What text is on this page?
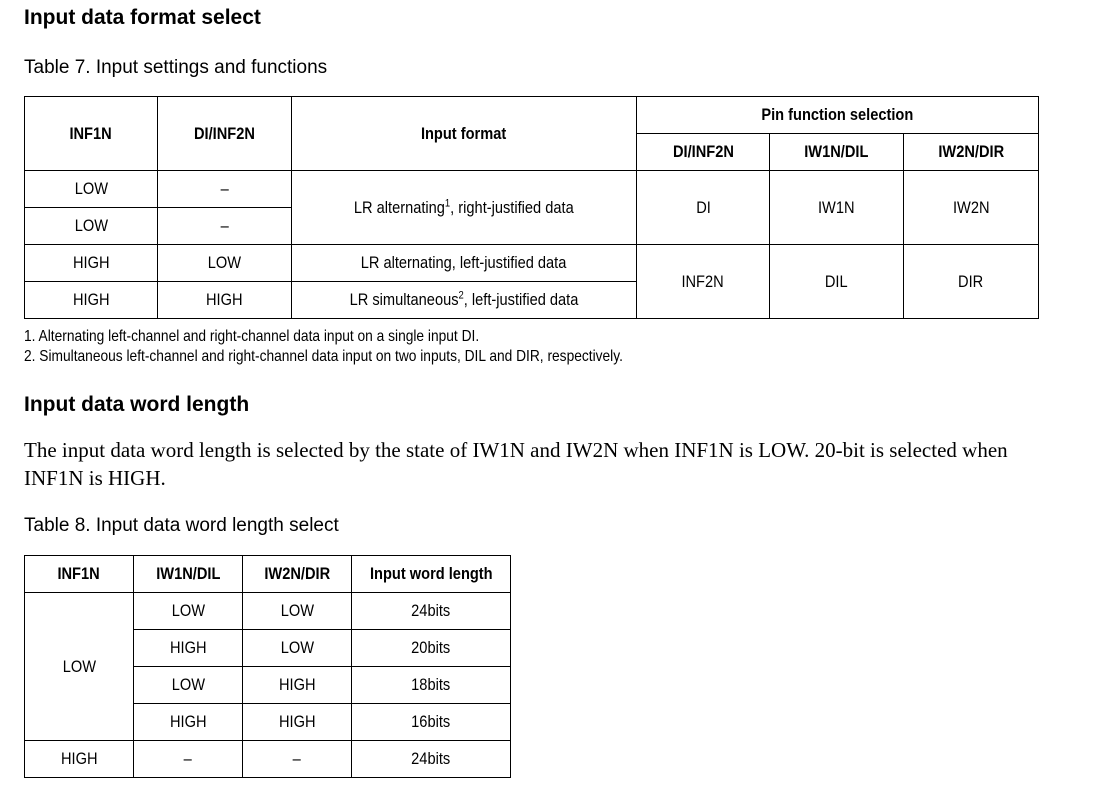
Input data format select
Table 7. Input settings and functions
INF1N	DI/INF2N	Input format	Pin function selection		
			DI/INF2N	IW1N/DIL	IW2N/DIR
LOW	–	LR alternating$^1$, right-justified data	DI	IW1N	IW2N
LOW	–				
HIGH	LOW	LR alternating, left-justified data	INF2N	DIL	DIR
HIGH	HIGH	LR simultaneous$^2$, left-justified data			
1. Alternating left-channel and right-channel data input on a single input DI.
2. Simultaneous left-channel and right-channel data input on two inputs, DIL and DIR, respectively.
Input data word length
The input data word length is selected by the state of IW1N and IW2N when INF1N is LOW. 20-bit is selected when INF1N is HIGH.
Table 8. Input data word length select
INF1N	IW1N/DIL	IW2N/DIR	Input word length
LOW	LOW	LOW	24bits
	HIGH	LOW	20bits
	LOW	HIGH	18bits
	HIGH	HIGH	16bits
HIGH	–	–	24bits
